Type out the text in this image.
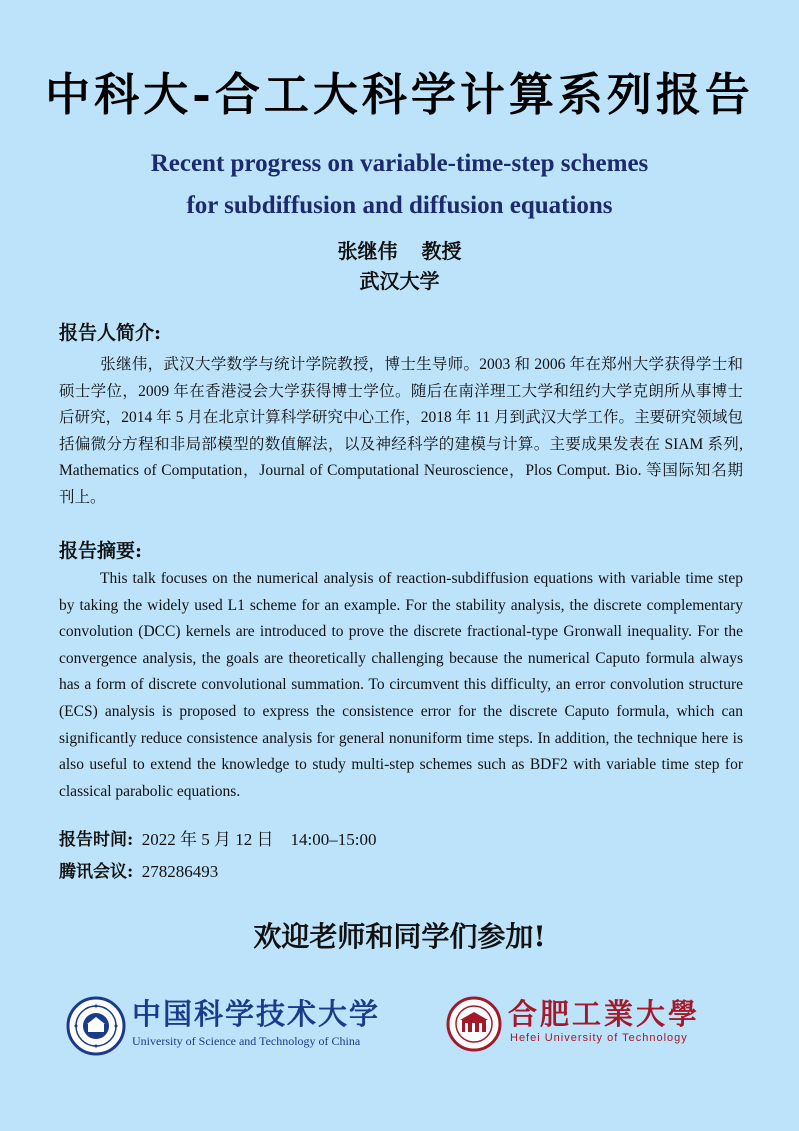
中科大-合工大科学计算系列报告
Recent progress on variable-time-step schemes
for subdiffusion and diffusion equations
张继伟 教授
武汉大学
报告人简介:
张继伟，武汉大学数学与统计学院教授，博士生导师。2003 和 2006 年在郑州大学获得学士和硕士学位，2009 年在香港浸会大学获得博士学位。随后在南洋理工大学和纽约大学克朗所从事博士后研究，2014 年 5 月在北京计算科学研究中心工作，2018 年 11 月到武汉大学工作。主要研究领域包括偏微分方程和非局部模型的数值解法，以及神经科学的建模与计算。主要成果发表在 SIAM 系列, Mathematics of Computation，Journal of Computational Neuroscience，Plos Comput. Bio. 等国际知名期刊上。
报告摘要:
This talk focuses on the numerical analysis of reaction-subdiffusion equations with variable time step by taking the widely used L1 scheme for an example. For the stability analysis, the discrete complementary convolution (DCC) kernels are introduced to prove the discrete fractional-type Gronwall inequality. For the convergence analysis, the goals are theoretically challenging because the numerical Caputo formula always has a form of discrete convolutional summation. To circumvent this difficulty, an error convolution structure (ECS) analysis is proposed to express the consistence error for the discrete Caputo formula, which can significantly reduce consistence analysis for general nonuniform time steps. In addition, the technique here is also useful to extend the knowledge to study multi-step schemes such as BDF2 with variable time step for classical parabolic equations.
报告时间: 2022 年 5 月 12 日　14:00–15:00
腾讯会议: 278286493
欢迎老师和同学们参加!
中国科学技术大学
University of Science and Technology of China
合肥工業大學
Hefei University of Technology
